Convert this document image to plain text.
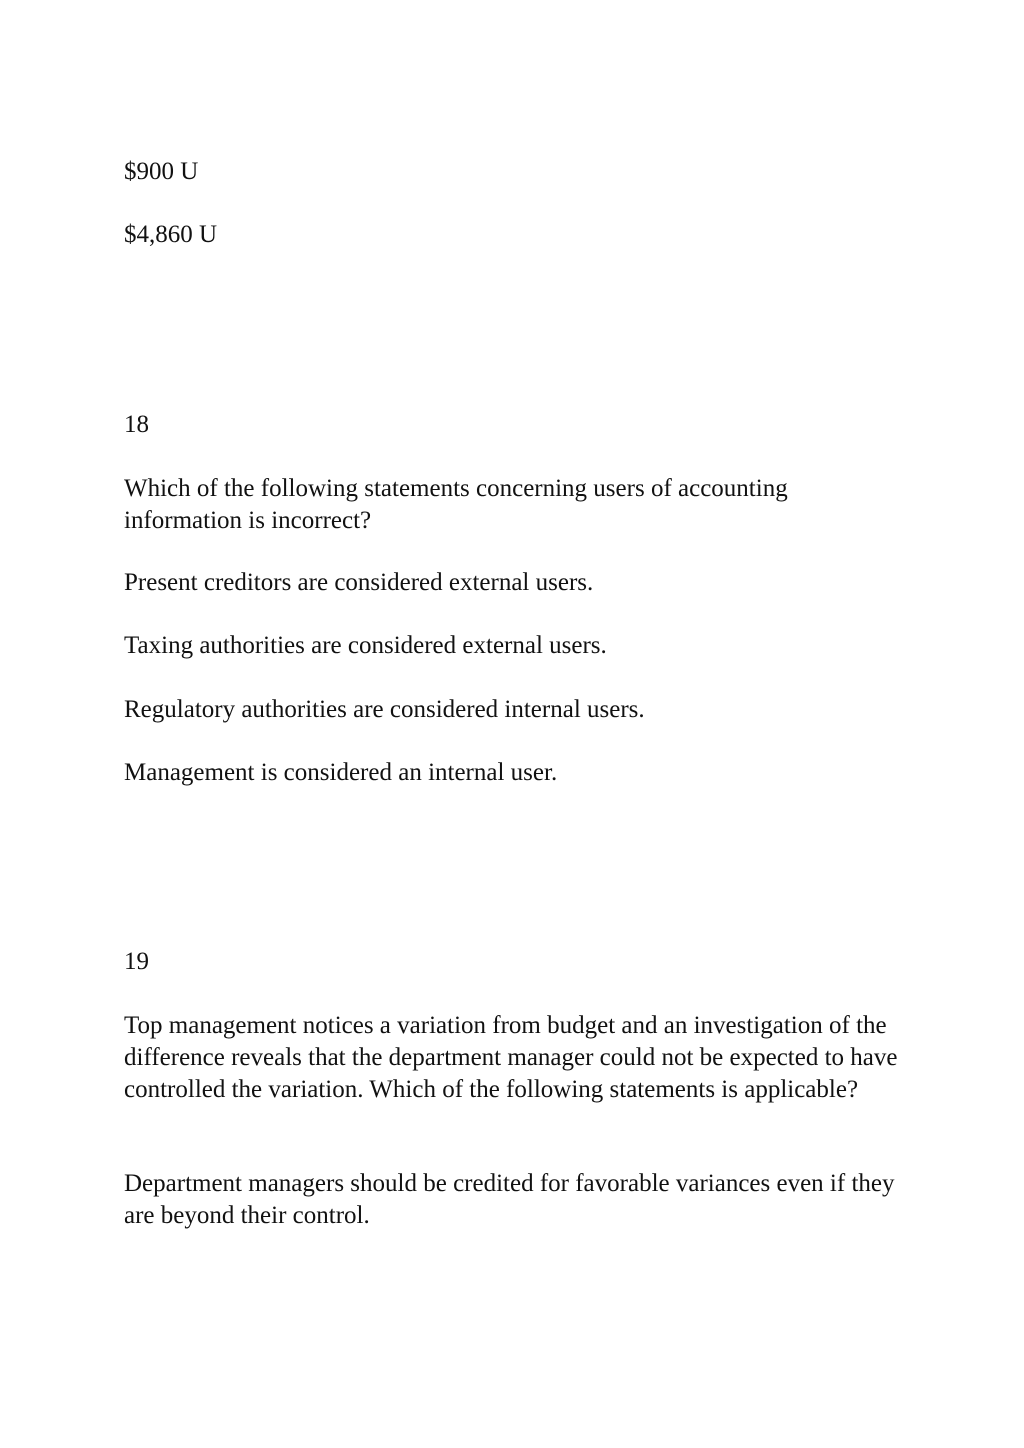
$900 U

$4,860 U

18

Which of the following statements concerning users of accounting information is incorrect?

Present creditors are considered external users.

Taxing authorities are considered external users.

Regulatory authorities are considered internal users.

Management is considered an internal user.

19

Top management notices a variation from budget and an investigation of the difference reveals that the department manager could not be expected to have controlled the variation. Which of the following statements is applicable?

Department managers should be credited for favorable variances even if they are beyond their control.
